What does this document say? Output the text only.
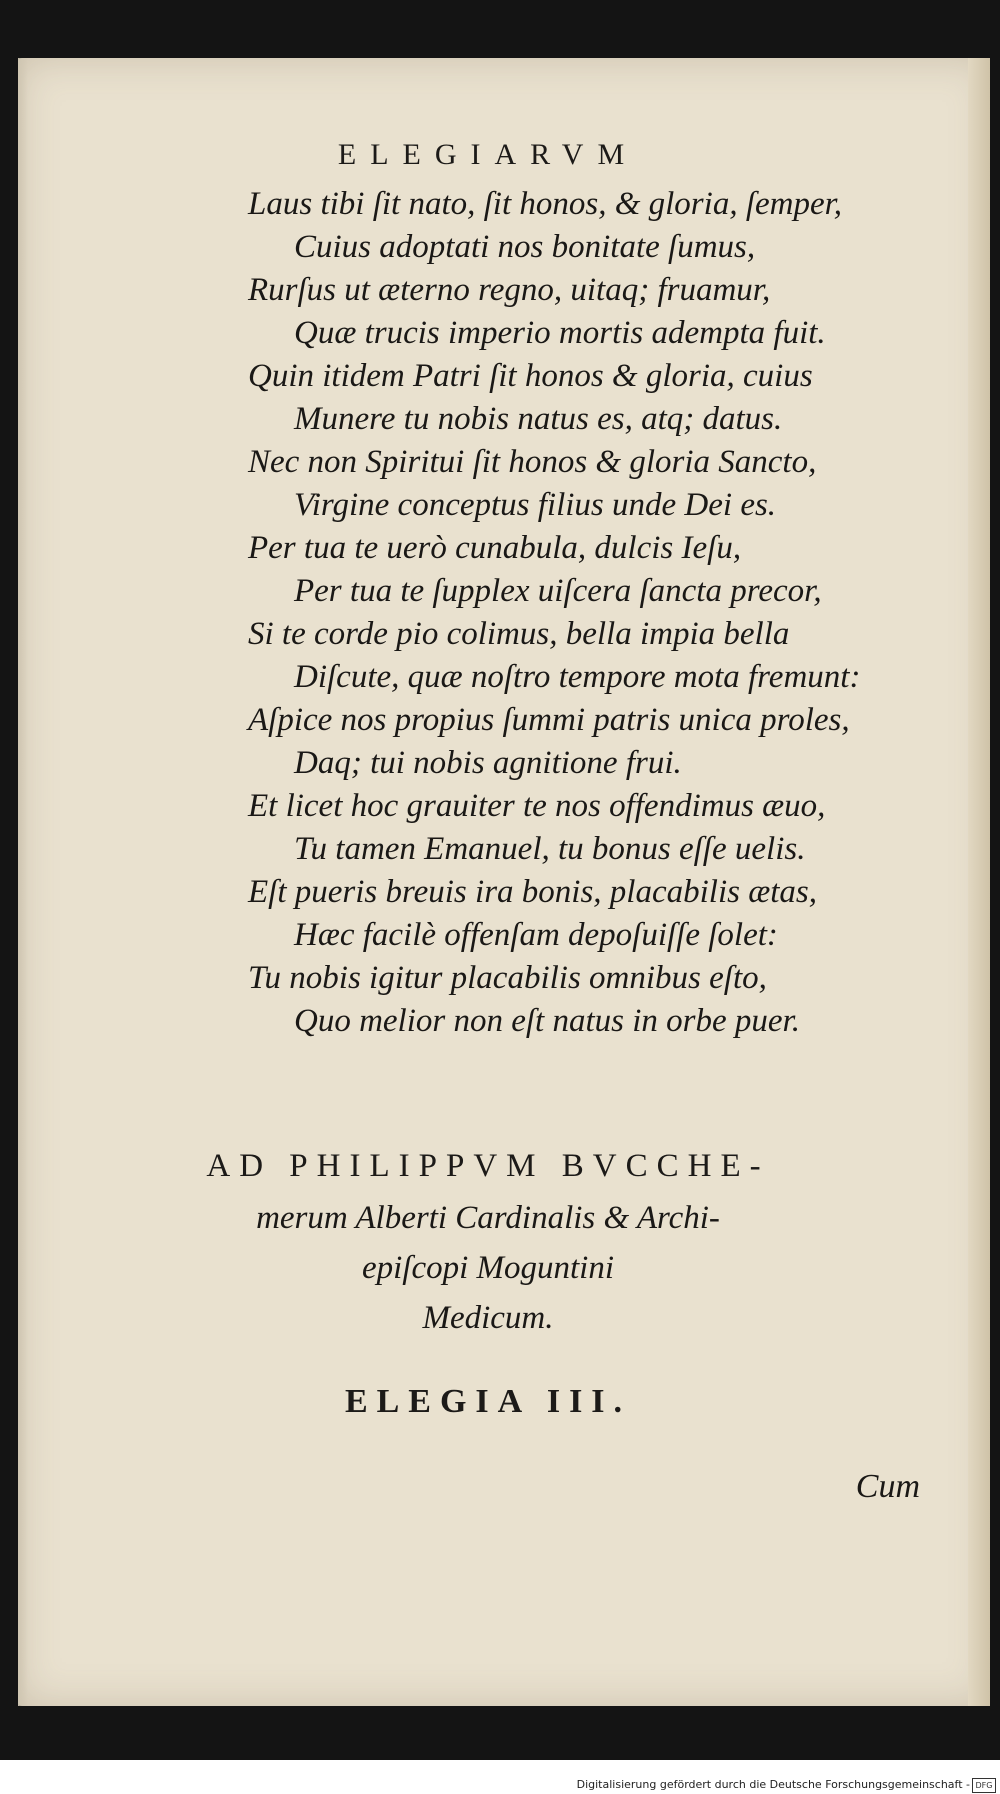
ELEGIARVM
Laus tibi ſit nato, ſit honos, & gloria, ſemper,
Cuius adoptati nos bonitate ſumus,
Rurſus ut æterno regno, uitaq; fruamur,
Quæ trucis imperio mortis adempta fuit.
Quin itidem Patri ſit honos & gloria, cuius
Munere tu nobis natus es, atq; datus.
Nec non Spiritui ſit honos & gloria Sancto,
Virgine conceptus filius unde Dei es.
Per tua te uerò cunabula, dulcis Ieſu,
Per tua te ſupplex uiſcera ſancta precor,
Si te corde pio colimus, bella impia bella
Diſcute, quæ noſtro tempore mota fremunt:
Aſpice nos propius ſummi patris unica proles,
Daq; tui nobis agnitione frui.
Et licet hoc grauiter te nos offendimus æuo,
Tu tamen Emanuel, tu bonus eſſe uelis.
Eſt pueris breuis ira bonis, placabilis ætas,
Hæc facilè offenſam depoſuiſſe ſolet:
Tu nobis igitur placabilis omnibus eſto,
Quo melior non eſt natus in orbe puer.
AD PHILIPPVM BVCCHE-
merum Alberti Cardinalis & Archi-
epiſcopi Moguntini
Medicum.
ELEGIA III.
Cum
Digitalisierung gefördert durch die Deutsche Forschungsgemeinschaft - DFG
